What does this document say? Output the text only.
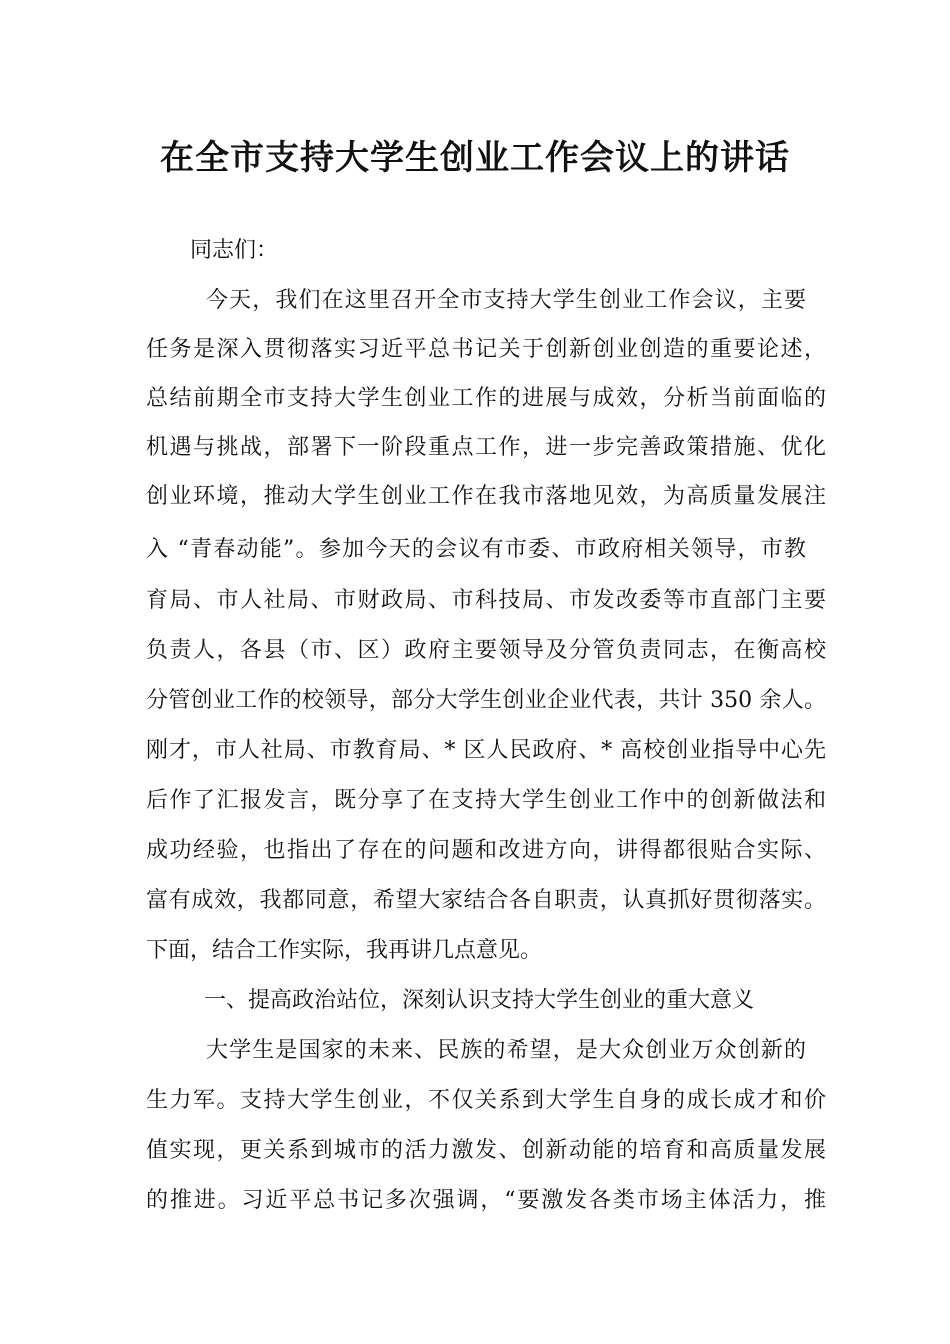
在全市支持大学生创业工作会议上的讲话

同志们：

今天，我们在这里召开全市支持大学生创业工作会议，主要

任务是深入贯彻落实习近平总书记关于创新创业创造的重要论述，

总结前期全市支持大学生创业工作的进展与成效，分析当前面临的

机遇与挑战，部署下一阶段重点工作，进一步完善政策措施、优化

创业环境，推动大学生创业工作在我市落地见效，为高质量发展注

入 “青春动能”。参加今天的会议有市委、市政府相关领导，市教

育局、市人社局、市财政局、市科技局、市发改委等市直部门主要

负责人，各县（市、区）政府主要领导及分管负责同志，在衡高校

分管创业工作的校领导，部分大学生创业企业代表，共计 350 余人。

刚才，市人社局、市教育局、* 区人民政府、* 高校创业指导中心先

后作了汇报发言，既分享了在支持大学生创业工作中的创新做法和

成功经验，也指出了存在的问题和改进方向，讲得都很贴合实际、

富有成效，我都同意，希望大家结合各自职责，认真抓好贯彻落实。

下面，结合工作实际，我再讲几点意见。

一、提高政治站位，深刻认识支持大学生创业的重大意义

大学生是国家的未来、民族的希望，是大众创业万众创新的

生力军。支持大学生创业，不仅关系到大学生自身的成长成才和价

值实现，更关系到城市的活力激发、创新动能的培育和高质量发展

的推进。习近平总书记多次强调，“要激发各类市场主体活力，推
